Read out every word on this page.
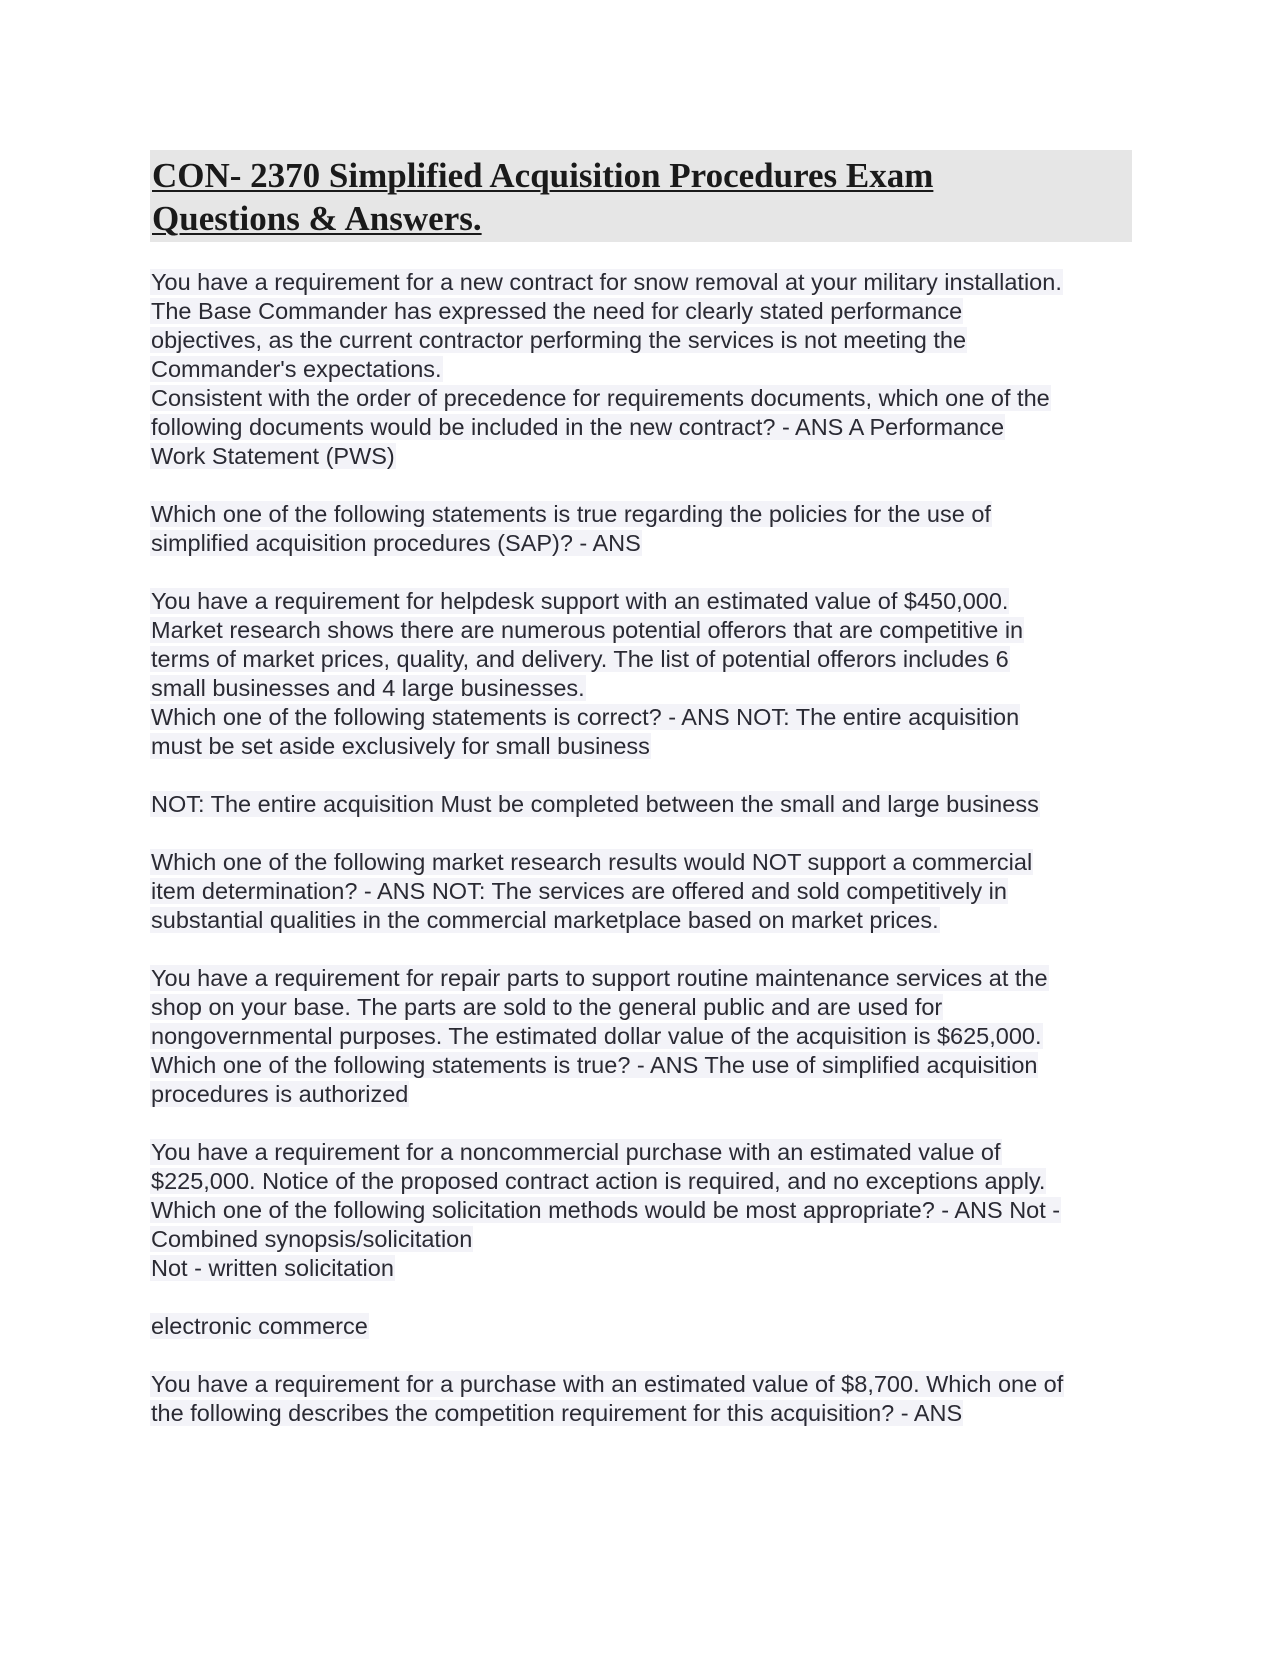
CON- 2370 Simplified Acquisition Procedures Exam
Questions & Answers.
You have a requirement for a new contract for snow removal at your military installation.
The Base Commander has expressed the need for clearly stated performance
objectives, as the current contractor performing the services is not meeting the
Commander's expectations.
Consistent with the order of precedence for requirements documents, which one of the
following documents would be included in the new contract? - ANS A Performance
Work Statement (PWS)
Which one of the following statements is true regarding the policies for the use of
simplified acquisition procedures (SAP)? - ANS
You have a requirement for helpdesk support with an estimated value of $450,000.
Market research shows there are numerous potential offerors that are competitive in
terms of market prices, quality, and delivery. The list of potential offerors includes 6
small businesses and 4 large businesses.
Which one of the following statements is correct? - ANS NOT: The entire acquisition
must be set aside exclusively for small business
NOT: The entire acquisition Must be completed between the small and large business
Which one of the following market research results would NOT support a commercial
item determination? - ANS NOT: The services are offered and sold competitively in
substantial qualities in the commercial marketplace based on market prices.
You have a requirement for repair parts to support routine maintenance services at the
shop on your base. The parts are sold to the general public and are used for
nongovernmental purposes. The estimated dollar value of the acquisition is $625,000.
Which one of the following statements is true? - ANS The use of simplified acquisition
procedures is authorized
You have a requirement for a noncommercial purchase with an estimated value of
$225,000. Notice of the proposed contract action is required, and no exceptions apply.
Which one of the following solicitation methods would be most appropriate? - ANS Not -
Combined synopsis/solicitation
Not - written solicitation
electronic commerce
You have a requirement for a purchase with an estimated value of $8,700. Which one of
the following describes the competition requirement for this acquisition? - ANS
